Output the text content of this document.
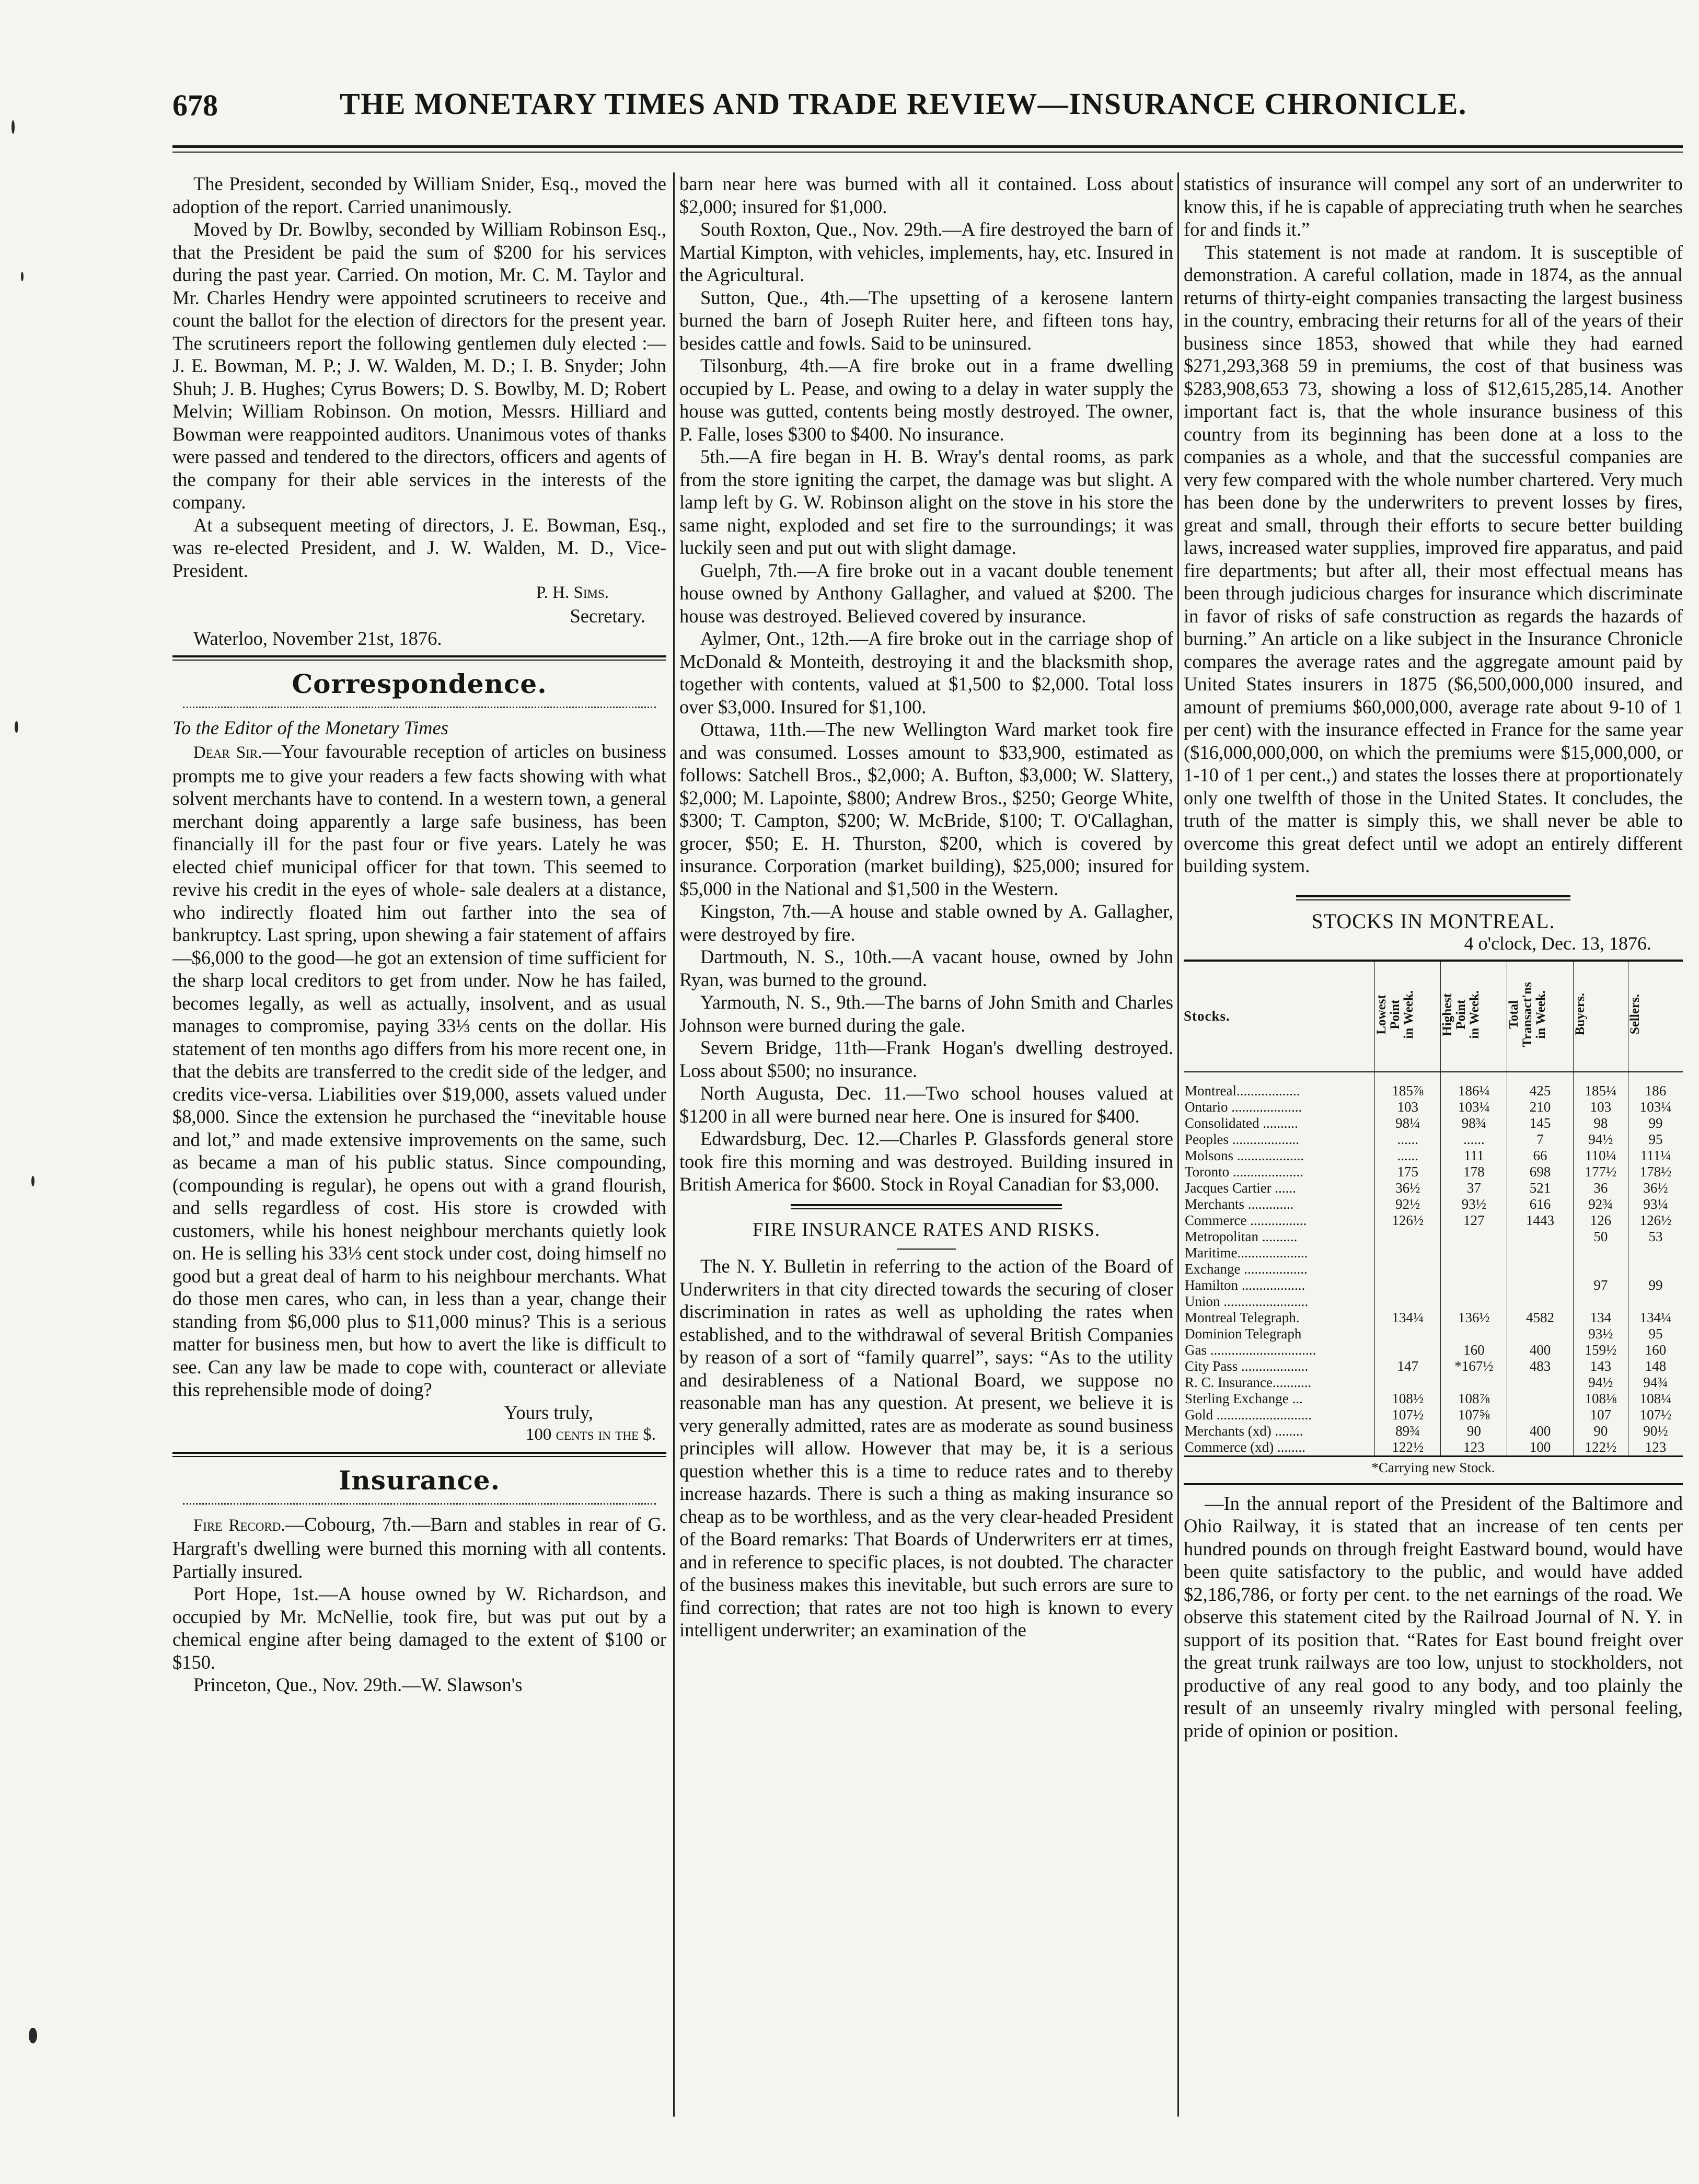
678	THE MONETARY TIMES AND TRADE REVIEW—INSURANCE CHRONICLE.

The President, seconded by William Snider, Esq., moved the adoption of the report. Carried unanimously.

Moved by Dr. Bowlby, seconded by William Robinson Esq., that the President be paid the sum of $200 for his services during the past year. Carried. On motion, Mr. C. M. Taylor and Mr. Charles Hendry were appointed scrutineers to receive and count the ballot for the election of directors for the present year. The scrutineers report the following gentlemen duly elected :—J. E. Bowman, M. P.; J. W. Walden, M. D.; I. B. Snyder; John Shuh; J. B. Hughes; Cyrus Bowers; D. S. Bowlby, M. D; Robert Melvin; William Robinson. On motion, Messrs. Hilliard and Bowman were reappointed auditors. Unanimous votes of thanks were passed and tendered to the directors, officers and agents of the company for their able services in the interests of the company.

At a subsequent meeting of directors, J. E. Bowman, Esq., was re-elected President, and J. W. Walden, M. D., Vice-President.

P. H. Sims.
Secretary.

Waterloo, November 21st, 1876.

Correspondence.

To the Editor of the Monetary Times

Dear Sir.—Your favourable reception of articles on business prompts me to give your readers a few facts showing with what solvent merchants have to contend. In a western town, a general merchant doing apparently a large safe business, has been financially ill for the past four or five years. Lately he was elected chief municipal officer for that town. This seemed to revive his credit in the eyes of whole- sale dealers at a distance, who indirectly floated him out farther into the sea of bankruptcy. Last spring, upon shewing a fair statement of affairs—$6,000 to the good—he got an extension of time sufficient for the sharp local creditors to get from under. Now he has failed, becomes legally, as well as actually, insolvent, and as usual manages to compromise, paying 33⅓ cents on the dollar. His statement of ten months ago differs from his more recent one, in that the debits are transferred to the credit side of the ledger, and credits vice-versa. Liabilities over $19,000, assets valued under $8,000. Since the extension he purchased the “inevitable house and lot,” and made extensive improvements on the same, such as became a man of his public status. Since compounding, (compounding is regular), he opens out with a grand flourish, and sells regardless of cost. His store is crowded with customers, while his honest neighbour merchants quietly look on. He is selling his 33⅓ cent stock under cost, doing himself no good but a great deal of harm to his neighbour merchants. What do those men cares, who can, in less than a year, change their standing from $6,000 plus to $11,000 minus? This is a serious matter for business men, but how to avert the like is difficult to see. Can any law be made to cope with, counteract or alleviate this reprehensible mode of doing?

Yours truly,
100 cents in the $.
Insurance.

Fire Record.—Cobourg, 7th.—Barn and stables in rear of G. Hargraft's dwelling were burned this morning with all contents. Partially insured.

Port Hope, 1st.—A house owned by W. Richardson, and occupied by Mr. McNellie, took fire, but was put out by a chemical engine after being damaged to the extent of $100 or $150.

Princeton, Que., Nov. 29th.—W. Slawson's

barn near here was burned with all it contained. Loss about $2,000; insured for $1,000.

South Roxton, Que., Nov. 29th.—A fire destroyed the barn of Martial Kimpton, with vehicles, implements, hay, etc. Insured in the Agricultural.

Sutton, Que., 4th.—The upsetting of a kerosene lantern burned the barn of Joseph Ruiter here, and fifteen tons hay, besides cattle and fowls. Said to be uninsured.

Tilsonburg, 4th.—A fire broke out in a frame dwelling occupied by L. Pease, and owing to a delay in water supply the house was gutted, contents being mostly destroyed. The owner, P. Falle, loses $300 to $400. No insurance.

5th.—A fire began in H. B. Wray's dental rooms, as park from the store igniting the carpet, the damage was but slight. A lamp left by G. W. Robinson alight on the stove in his store the same night, exploded and set fire to the surroundings; it was luckily seen and put out with slight damage.

Guelph, 7th.—A fire broke out in a vacant double tenement house owned by Anthony Gallagher, and valued at $200. The house was destroyed. Believed covered by insurance.

Aylmer, Ont., 12th.—A fire broke out in the carriage shop of McDonald & Monteith, destroying it and the blacksmith shop, together with contents, valued at $1,500 to $2,000. Total loss over $3,000. Insured for $1,100.

Ottawa, 11th.—The new Wellington Ward market took fire and was consumed. Losses amount to $33,900, estimated as follows: Satchell Bros., $2,000; A. Bufton, $3,000; W. Slattery, $2,000; M. Lapointe, $800; Andrew Bros., $250; George White, $300; T. Campton, $200; W. McBride, $100; T. O'Callaghan, grocer, $50; E. H. Thurston, $200, which is covered by insurance. Corporation (market building), $25,000; insured for $5,000 in the National and $1,500 in the Western.

Kingston, 7th.—A house and stable owned by A. Gallagher, were destroyed by fire.

Dartmouth, N. S., 10th.—A vacant house, owned by John Ryan, was burned to the ground.

Yarmouth, N. S., 9th.—The barns of John Smith and Charles Johnson were burned during the gale.

Severn Bridge, 11th—Frank Hogan's dwelling destroyed. Loss about $500; no insurance.

North Augusta, Dec. 11.—Two school houses valued at $1200 in all were burned near here. One is insured for $400.

Edwardsburg, Dec. 12.—Charles P. Glassfords general store took fire this morning and was destroyed. Building insured in British America for $600. Stock in Royal Canadian for $3,000.

FIRE INSURANCE RATES AND RISKS.

The N. Y. Bulletin in referring to the action of the Board of Underwriters in that city directed towards the securing of closer discrimination in rates as well as upholding the rates when established, and to the withdrawal of several British Companies by reason of a sort of “family quarrel”, says: “As to the utility and desirableness of a National Board, we suppose no reasonable man has any question. At present, we believe it is very generally admitted, rates are as moderate as sound business principles will allow. However that may be, it is a serious question whether this is a time to reduce rates and to thereby increase hazards. There is such a thing as making insurance so cheap as to be worthless, and as the very clear-headed President of the Board remarks: That Boards of Underwriters err at times, and in reference to specific places, is not doubted. The character of the business makes this inevitable, but such errors are sure to find correction; that rates are not too high is known to every intelligent underwriter; an examination of the

statistics of insurance will compel any sort of an underwriter to know this, if he is capable of appreciating truth when he searches for and finds it.”

This statement is not made at random. It is susceptible of demonstration. A careful collation, made in 1874, as the annual returns of thirty-eight companies transacting the largest business in the country, embracing their returns for all of the years of their business since 1853, showed that while they had earned $271,293,368 59 in premiums, the cost of that business was $283,908,653 73, showing a loss of $12,615,285,14. Another important fact is, that the whole insurance business of this country from its beginning has been done at a loss to the companies as a whole, and that the successful companies are very few compared with the whole number chartered. Very much has been done by the underwriters to prevent losses by fires, great and small, through their efforts to secure better building laws, increased water supplies, improved fire apparatus, and paid fire departments; but after all, their most effectual means has been through judicious charges for insurance which discriminate in favor of risks of safe construction as regards the hazards of burning.” An article on a like subject in the Insurance Chronicle compares the average rates and the aggregate amount paid by United States insurers in 1875 ($6,500,000,000 insured, and amount of premiums $60,000,000, average rate about 9-10 of 1 per cent) with the insurance effected in France for the same year ($16,000,000,000, on which the premiums were $15,000,000, or 1-10 of 1 per cent.,) and states the losses there at proportionately only one twelfth of those in the United States. It concludes, the truth of the matter is simply this, we shall never be able to overcome this great defect until we adopt an entirely different building system.

STOCKS IN MONTREAL.
4 o'clock, Dec. 13, 1876.
Stocks.	Lowest
Point
in Week.	Highest
Point
in Week.	Total
Transact'ns
in Week.	Buyers.	Sellers.
Montreal..................	185⅞	186¼	425	185¼	186
Ontario ....................	103	103¼	210	103	103¼
Consolidated ..........	98¼	98¾	145	98	99
Peoples ...................	......	......	7	94½	95
Molsons ...................	......	111	66	110¼	111¼
Toronto ....................	175	178	698	177½	178½
Jacques Cartier ......	36½	37	521	36	36½
Merchants .............	92½	93½	616	92¾	93¼
Commerce ................	126½	127	1443	126	126½
Metropolitan ..........				50	53
Maritime....................					
Exchange ..................					
Hamilton ..................				97	99
Union ........................					
Montreal Telegraph.	134¼	136½	4582	134	134¼
Dominion Telegraph				93½	95
Gas ..............................		160	400	159½	160
City Pass ...................	147	*167½	483	143	148
R. C. Insurance...........				94½	94¾
Sterling Exchange ...	108½	108⅞		108⅛	108¼
Gold ...........................	107½	107⅝		107	107½
Merchants (xd) ........	89¾	90	400	90	90½
Commerce (xd) ........	122½	123	100	122½	123
*Carrying new Stock.

—In the annual report of the President of the Baltimore and Ohio Railway, it is stated that an increase of ten cents per hundred pounds on through freight Eastward bound, would have been quite satisfactory to the public, and would have added $2,186,786, or forty per cent. to the net earnings of the road. We observe this statement cited by the Railroad Journal of N. Y. in support of its position that. “Rates for East bound freight over the great trunk railways are too low, unjust to stockholders, not productive of any real good to any body, and too plainly the result of an unseemly rivalry mingled with personal feeling, pride of opinion or position.
